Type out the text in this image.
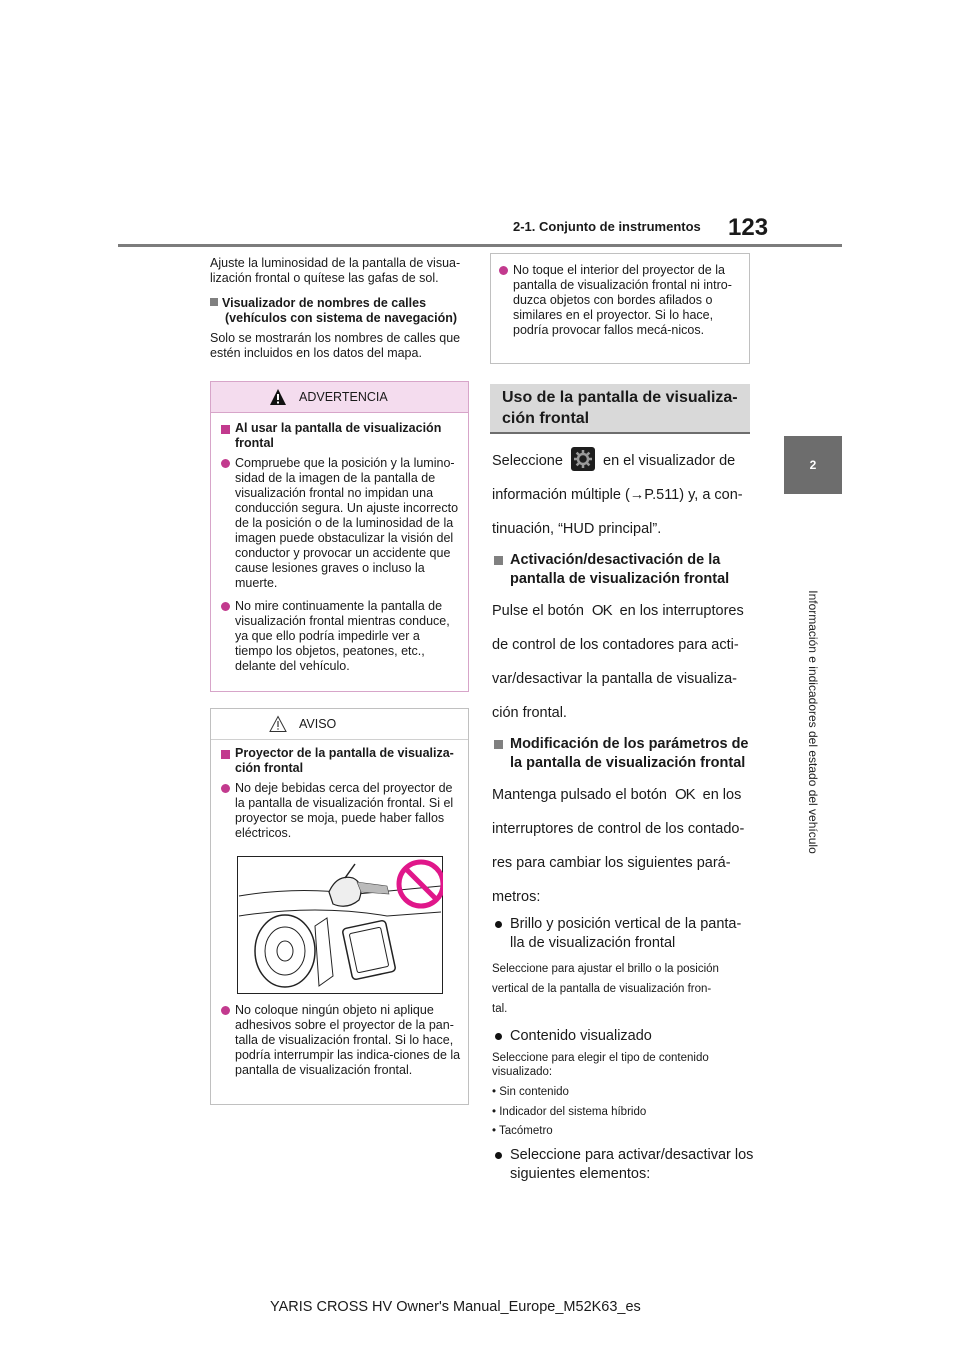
2-1. Conjunto de instrumentos 123
2
Información e indicadores del estado del vehículo

Ajuste la luminosidad de la pantalla de visua-lización frontal o quítese las gafas de sol.

Visualizador de nombres de calles
(vehículos con sistema de navegación)

Solo se mostrarán los nombres de calles que estén incluidos en los datos del mapa.

ADVERTENCIA

Al usar la pantalla de visualización frontal

Compruebe que la posición y la lumino-sidad de la imagen de la pantalla de visualización frontal no impidan una conducción segura. Un ajuste incorrecto de la posición o de la luminosidad de la imagen puede obstaculizar la visión del conductor y provocar un accidente que cause lesiones graves o incluso la muerte.

No mire continuamente la pantalla de visualización frontal mientras conduce, ya que ello podría impedirle ver a tiempo los objetos, peatones, etc., delante del vehículo.

AVISO

Proyector de la pantalla de visualiza-ción frontal

No deje bebidas cerca del proyector de la pantalla de visualización frontal. Si el proyector se moja, puede haber fallos eléctricos.

No coloque ningún objeto ni aplique adhesivos sobre el proyector de la pan-talla de visualización frontal. Si lo hace, podría interrumpir las indica-ciones de la pantalla de visualización frontal.

No toque el interior del proyector de la pantalla de visualización frontal ni intro-duzca objetos con bordes afilados o similares en el proyector. Si lo hace, podría provocar fallos mecá-nicos.

Uso de la pantalla de visualiza-ción frontal

Seleccione	en el visualizador de

información múltiple (→P.511) y, a con-

tinuación, “HUD principal”.

Activación/desactivación de la pantalla de visualización frontal

Pulse el botón OK en los interruptores

de control de los contadores para acti-

var/desactivar la pantalla de visualiza-

ción frontal.

Modificación de los parámetros de la pantalla de visualización frontal

Mantenga pulsado el botón OK en los

interruptores de control de los contado-

res para cambiar los siguientes pará-

metros:

Brillo y posición vertical de la panta-lla de visualización frontal

Seleccione para ajustar el brillo o la posición

vertical de la pantalla de visualización fron-

tal.

Contenido visualizado

Seleccione para elegir el tipo de contenido visualizado:

• Sin contenido

• Indicador del sistema híbrido

• Tacómetro

Seleccione para activar/desactivar los siguientes elementos:

YARIS CROSS HV Owner's Manual_Europe_M52K63_es
